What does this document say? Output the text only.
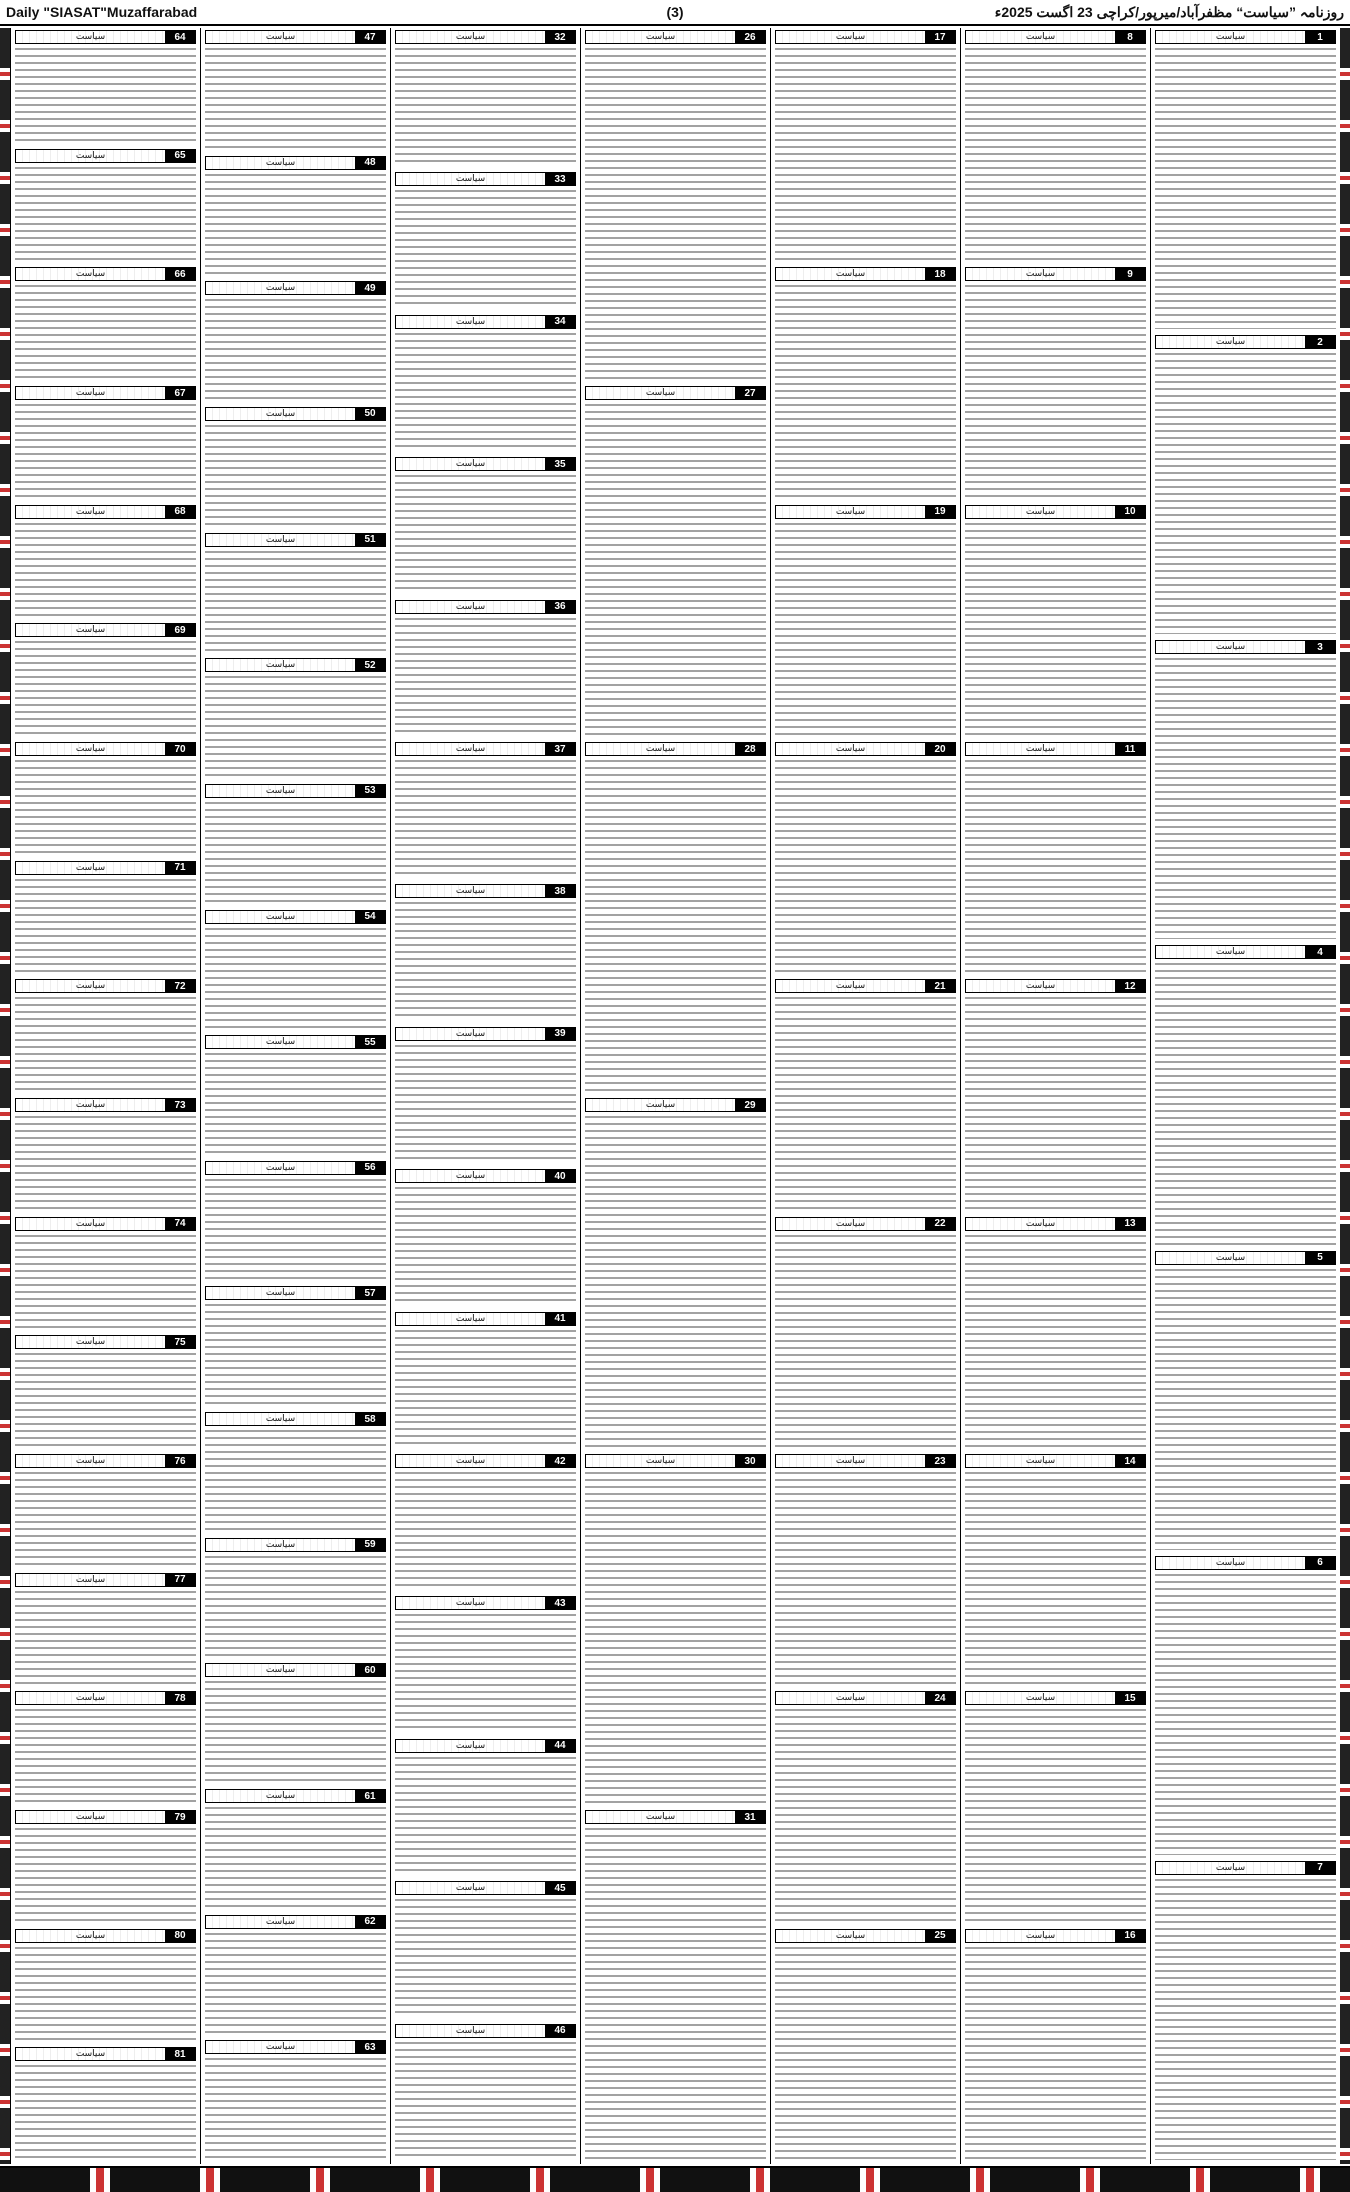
Daily "SIASAT"Muzaffarabad	(3)	روزنامہ ”سیاست“ مظفرآباد/میرپور/کراچی 23 اگست 2025ء
1
سیاست
2
سیاست
3
سیاست
4
سیاست
5
سیاست
6
سیاست
7
سیاست
8
سیاست
9
سیاست
10
سیاست
11
سیاست
12
سیاست
13
سیاست
14
سیاست
15
سیاست
16
سیاست
17
سیاست
18
سیاست
19
سیاست
20
سیاست
21
سیاست
22
سیاست
23
سیاست
24
سیاست
25
سیاست
26
سیاست
27
سیاست
28
سیاست
29
سیاست
30
سیاست
31
سیاست
32
سیاست
33
سیاست
34
سیاست
35
سیاست
36
سیاست
37
سیاست
38
سیاست
39
سیاست
40
سیاست
41
سیاست
42
سیاست
43
سیاست
44
سیاست
45
سیاست
46
سیاست
47
سیاست
48
سیاست
49
سیاست
50
سیاست
51
سیاست
52
سیاست
53
سیاست
54
سیاست
55
سیاست
56
سیاست
57
سیاست
58
سیاست
59
سیاست
60
سیاست
61
سیاست
62
سیاست
63
سیاست
64
سیاست
65
سیاست
66
سیاست
67
سیاست
68
سیاست
69
سیاست
70
سیاست
71
سیاست
72
سیاست
73
سیاست
74
سیاست
75
سیاست
76
سیاست
77
سیاست
78
سیاست
79
سیاست
80
سیاست
81
سیاست
